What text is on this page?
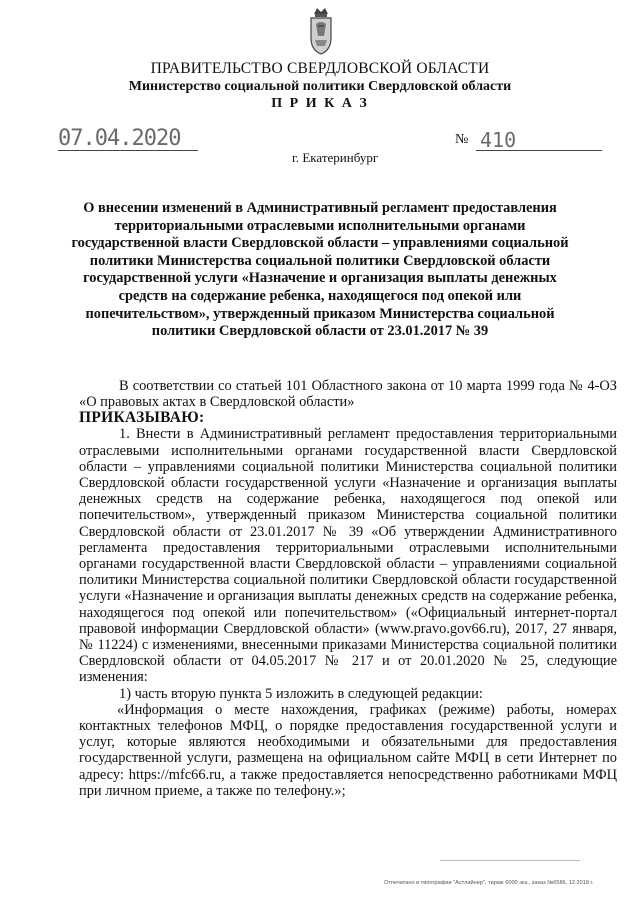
ПРАВИТЕЛЬСТВО СВЕРДЛОВСКОЙ ОБЛАСТИ
Министерство социальной политики Свердловской области
П Р И К А З
07.04.2020	№ 410
г. Екатеринбург
О внесении изменений в Административный регламент предоставления территориальными отраслевыми исполнительными органами государственной власти Свердловской области – управлениями социальной политики Министерства социальной политики Свердловской области государственной услуги «Назначение и организация выплаты денежных средств на содержание ребенка, находящегося под опекой или попечительством», утвержденный приказом Министерства социальной политики Свердловской области от 23.01.2017 № 39

В соответствии со статьей 101 Областного закона от 10 марта 1999 года № 4-ОЗ «О правовых актах в Свердловской области»

ПРИКАЗЫВАЮ:

1. Внести в Административный регламент предоставления территориальными отраслевыми исполнительными органами государственной власти Свердловской области – управлениями социальной политики Министерства социальной политики Свердловской области государственной услуги «Назначение и организация выплаты денежных средств на содержание ребенка, находящегося под опекой или попечительством», утвержденный приказом Министерства социальной политики Свердловской области от 23.01.2017 № 39 «Об утверждении Административного регламента предоставления территориальными отраслевыми исполнительными органами государственной власти Свердловской области – управлениями социальной политики Министерства социальной политики Свердловской области государственной услуги «Назначение и организация выплаты денежных средств на содержание ребенка, находящегося под опекой или попечительством» («Официальный интернет-портал правовой информации Свердловской области» (www.pravo.gov66.ru), 2017, 27 января, № 11224) с изменениями, внесенными приказами Министерства социальной политики Свердловской области от 04.05.2017 № 217 и от 20.01.2020 № 25, следующие изменения:

1) часть вторую пункта 5 изложить в следующей редакции:

«Информация о месте нахождения, графиках (режиме) работы, номерах контактных телефонов МФЦ, о порядке предоставления государственной услуги и услуг, которые являются необходимыми и обязательными для предоставления государственной услуги, размещена на официальном сайте МФЦ в сети Интернет по адресу: https://mfc66.ru, а также предоставляется непосредственно работниками МФЦ при личном приеме, а также по телефону.»;

Отпечатано в типографии "Астлайнер", тираж 6000 экз., заказ №6586, 12.2018 г.
